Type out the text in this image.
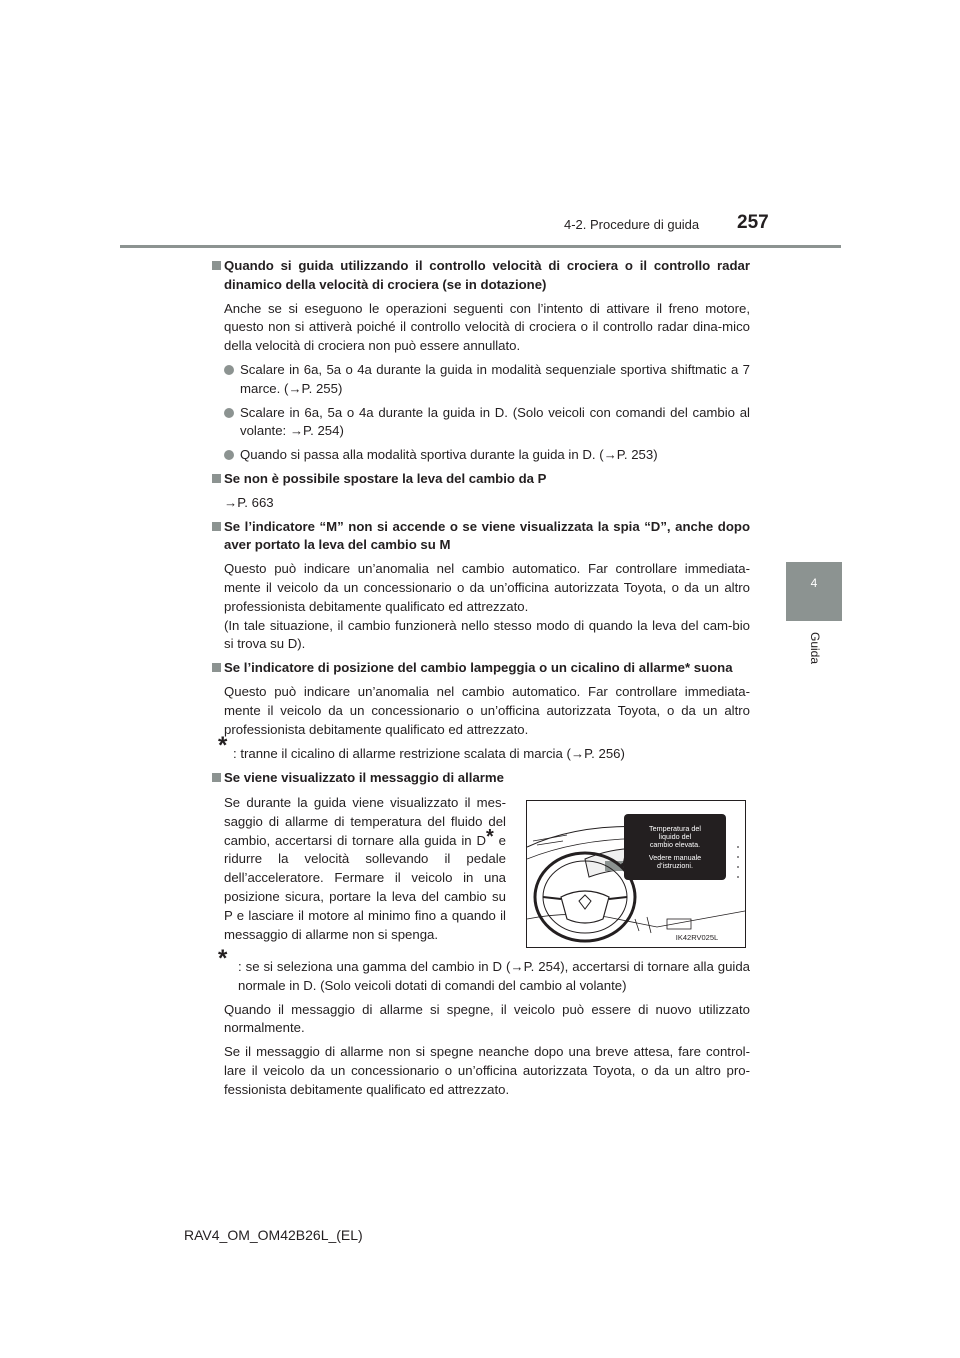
4-2. Procedure di guida 257
4
Guida

Quando si guida utilizzando il controllo velocità di crociera o il controllo radar dinamico della velocità di crociera (se in dotazione)

Anche se si eseguono le operazioni seguenti con l’intento di attivare il freno motore, questo non si attiverà poiché il controllo velocità di crociera o il controllo radar dina-mico della velocità di crociera non può essere annullato.

Scalare in 6a, 5a o 4a durante la guida in modalità sequenziale sportiva shiftmatic a 7 marce. (→P. 255)

Scalare in 6a, 5a o 4a durante la guida in D. (Solo veicoli con comandi del cambio al volante: →P. 254)

Quando si passa alla modalità sportiva durante la guida in D. (→P. 253)

Se non è possibile spostare la leva del cambio da P

→P. 663

Se l’indicatore “M” non si accende o se viene visualizzata la spia “D”, anche dopo aver portato la leva del cambio su M

Questo può indicare un’anomalia nel cambio automatico. Far controllare immediata-mente il veicolo da un concessionario o da un’officina autorizzata Toyota, o da un altro professionista debitamente qualificato ed attrezzato.

(In tale situazione, il cambio funzionerà nello stesso modo di quando la leva del cam-bio si trova su D).

Se l’indicatore di posizione del cambio lampeggia o un cicalino di allarme* suona

Questo può indicare un’anomalia nel cambio automatico. Far controllare immediata-mente il veicolo da un concessionario o un’officina autorizzata Toyota, o da un altro professionista debitamente qualificato ed attrezzato.

* : tranne il cicalino di allarme restrizione scalata di marcia (→P. 256)

Se viene visualizzato il messaggio di allarme

Se durante la guida viene visualizzato il mes-saggio di allarme di temperatura del fluido del cambio, accertarsi di tornare alla guida in D* e ridurre la velocità sollevando il pedale dell’acceleratore. Fermare il veicolo in una posizione sicura, portare la leva del cambio su P e lasciare il motore al minimo fino a quando il messaggio di allarme non si spenga.

Temperatura del
liquido del
cambio elevata.
Vedere manuale
d’istruzioni.
IK42RV025L

* : se si seleziona una gamma del cambio in D (→P. 254), accertarsi di tornare alla guida normale in D. (Solo veicoli dotati di comandi del cambio al volante)

Quando il messaggio di allarme si spegne, il veicolo può essere di nuovo utilizzato normalmente.

Se il messaggio di allarme non si spegne neanche dopo una breve attesa, fare control-lare il veicolo da un concessionario o un’officina autorizzata Toyota, o da un altro pro-fessionista debitamente qualificato ed attrezzato.

RAV4_OM_OM42B26L_(EL)
